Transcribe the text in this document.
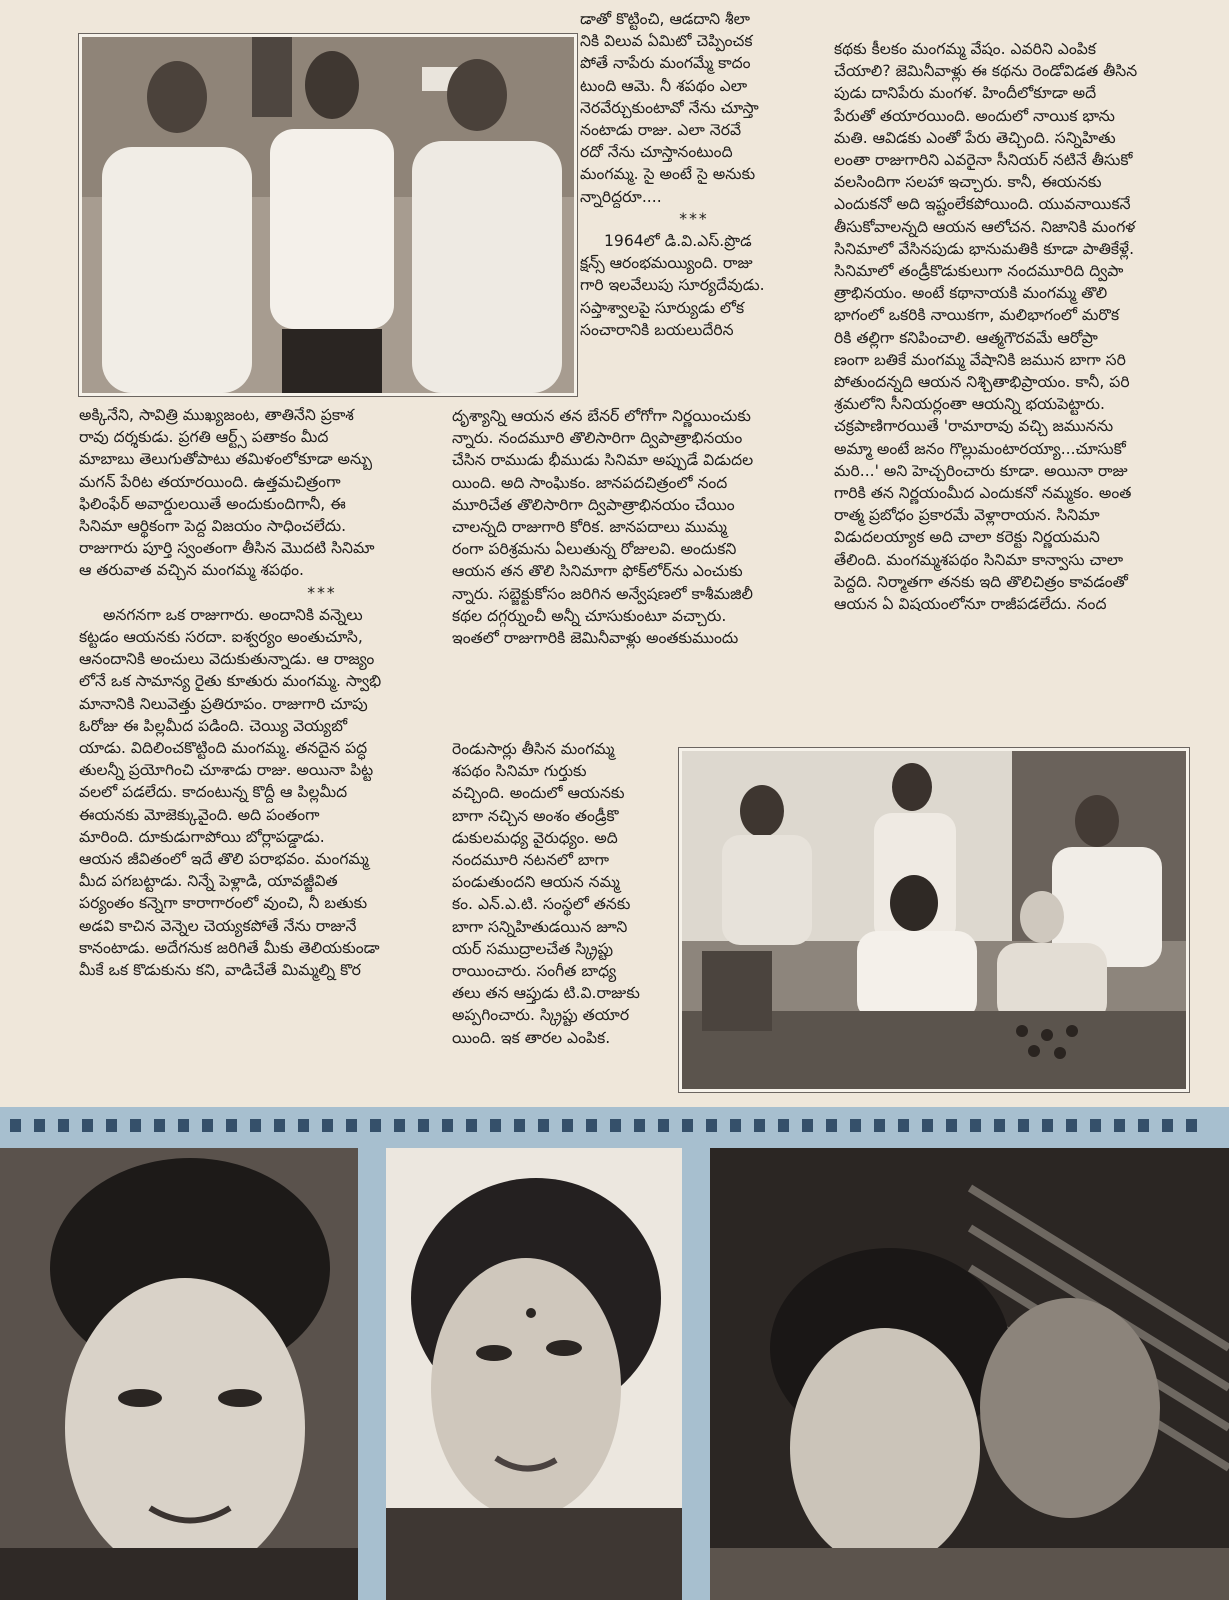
అక్కినేని, సావిత్రి ముఖ్యజంట, తాతినేని ప్రకాశ
రావు దర్శకుడు. ప్రగతి ఆర్ట్స్ పతాకం మీద
మాబాబు తెలుగుతోపాటు తమిళంలోకూడా అన్బు
మగన్ పేరిట తయారయింది. ఉత్తమచిత్రంగా
ఫిలింఫేర్ అవార్డులయితే అందుకుందిగానీ, ఈ
సినిమా ఆర్థికంగా పెద్ద విజయం సాధించలేదు.
రాజుగారు పూర్తి స్వంతంగా తీసిన మొదటి సినిమా
ఆ తరువాత వచ్చిన మంగమ్మ శపథం.

***

అనగనగా ఒక రాజుగారు. అందానికి వన్నెలు
కట్టడం ఆయనకు సరదా. ఐశ్వర్యం అంతుచూసి,
ఆనందానికి అంచులు వెదుకుతున్నాడు. ఆ రాజ్యం
లోనే ఒక సామాన్య రైతు కూతురు మంగమ్మ. స్వాభి
మానానికి నిలువెత్తు ప్రతిరూపం. రాజుగారి చూపు
ఓరోజు ఈ పిల్లమీద పడింది. చెయ్యి వెయ్యబో
యాడు. విదిలించకొట్టింది మంగమ్మ. తనదైన పద్ధ
తులన్నీ ప్రయోగించి చూశాడు రాజు. అయినా పిట్ట
వలలో పడలేదు. కాదంటున్న కొద్దీ ఆ పిల్లమీద
ఈయనకు మోజెక్కువైంది. అది పంతంగా
మారింది. దూకుడుగాపోయి బోర్లాపడ్డాడు.
ఆయన జీవితంలో ఇదే తొలి పరాభవం. మంగమ్మ
మీద పగబట్టాడు. నిన్నే పెళ్లాడి, యావజ్జీవిత
పర్యంతం కన్నెగా కారాగారంలో వుంచి, నీ బతుకు
అడవి కాచిన వెన్నెల చెయ్యకపోతే నేను రాజునే
కానంటాడు. అదేగనుక జరిగితే మీకు తెలియకుండా
మీకే ఒక కొడుకును కని, వాడిచేతే మిమ్మల్ని కొర

డాతో కొట్టించి, ఆడదాని శీలా
నికి విలువ ఏమిటో చెప్పించక
పోతే నాపేరు మంగమ్మే కాదం
టుంది ఆమె. నీ శపథం ఎలా
నెరవేర్చుకుంటావో నేను చూస్తా
నంటాడు రాజు. ఎలా నెరవే
రదో నేను చూస్తానంటుంది
మంగమ్మ. సై అంటే సై అనుకు
న్నారిద్దరూ....

***

1964లో డి.వి.ఎస్.ప్రొడ
క్షన్స్ ఆరంభమయ్యింది. రాజు
గారి ఇలవేలుపు సూర్యదేవుడు.
సప్తాశ్వాలపై సూర్యుడు లోక
సంచారానికి బయలుదేరిన

దృశ్యాన్ని ఆయన తన బేనర్ లోగోగా నిర్ణయించుకు
న్నారు. నందమూరి తొలిసారిగా ద్విపాత్రాభినయం
చేసిన రాముడు భీముడు సినిమా అప్పుడే విడుదల
యింది. అది సాంఘికం. జానపదచిత్రంలో నంద
మూరిచేత తొలిసారిగా ద్విపాత్రాభినయం చేయిం
చాలన్నది రాజుగారి కోరిక. జానపదాలు ముమ్మ
రంగా పరిశ్రమను ఏలుతున్న రోజులవి. అందుకని
ఆయన తన తొలి సినిమాగా ఫోక్‌లోర్‌ను ఎంచుకు
న్నారు. సబ్జెక్టుకోసం జరిగిన అన్వేషణలో కాశీమజిలీ
కథల దగ్గర్నుంచీ అన్నీ చూసుకుంటూ వచ్చారు.
ఇంతలో రాజుగారికి జెమినీవాళ్లు అంతకుముందు

రెండుసార్లు తీసిన మంగమ్మ
శపథం సినిమా గుర్తుకు
వచ్చింది. అందులో ఆయనకు
బాగా నచ్చిన అంశం తండ్రీకొ
డుకులమధ్య వైరుధ్యం. అది
నందమూరి నటనలో బాగా
పండుతుందని ఆయన నమ్మ
కం. ఎన్.ఎ.టి. సంస్థలో తనకు
బాగా సన్నిహితుడయిన జూని
యర్ సముద్రాలచేత స్క్రిప్టు
రాయించారు. సంగీత బాధ్య
తలు తన ఆప్తుడు టి.వి.రాజుకు
అప్పగించారు. స్క్రిప్టు తయార
యింది. ఇక తారల ఎంపిక.

కథకు కీలకం మంగమ్మ వేషం. ఎవరిని ఎంపిక
చేయాలి? జెమినీవాళ్లు ఈ కథను రెండోవిడత తీసిన
పుడు దానిపేరు మంగళ. హిందీలోకూడా అదే
పేరుతో తయారయింది. అందులో నాయిక భాను
మతి. ఆవిడకు ఎంతో పేరు తెచ్చింది. సన్నిహితు
లంతా రాజుగారిని ఎవరైనా సీనియర్ నటినే తీసుకో
వలసిందిగా సలహా ఇచ్చారు. కానీ, ఈయనకు
ఎందుకనో అది ఇష్టంలేకపోయింది. యువనాయికనే
తీసుకోవాలన్నది ఆయన ఆలోచన. నిజానికి మంగళ
సినిమాలో వేసినపుడు భానుమతికి కూడా పాతికేళ్లే.
సినిమాలో తండ్రీకొడుకులుగా నందమూరిది ద్విపా
త్రాభినయం. అంటే కథానాయకి మంగమ్మ తొలి
భాగంలో ఒకరికి నాయికగా, మలిభాగంలో మరొక
రికి తల్లిగా కనిపించాలి. ఆత్మగౌరవమే ఆరోప్రా
ణంగా బతికే మంగమ్మ వేషానికి జమున బాగా సరి
పోతుందన్నది ఆయన నిశ్చితాభిప్రాయం. కానీ, పరి
శ్రమలోని సీనియర్లంతా ఆయన్ని భయపెట్టారు.
చక్రపాణిగారయితే 'రామారావు వచ్చి జమునను
అమ్మా అంటే జనం గొల్లుమంటారయ్యా...చూసుకో
మరి...' అని హెచ్చరించారు కూడా. అయినా రాజు
గారికి తన నిర్ణయంమీద ఎందుకనో నమ్మకం. అంత
రాత్మ ప్రబోధం ప్రకారమే వెళ్లారాయన. సినిమా
విడుదలయ్యాక అది చాలా కరెక్టు నిర్ణయమని
తేలింది. మంగమ్మశపథం సినిమా కాన్వాసు చాలా
పెద్దది. నిర్మాతగా తనకు ఇది తొలిచిత్రం కావడంతో
ఆయన ఏ విషయంలోనూ రాజీపడలేదు. నంద
